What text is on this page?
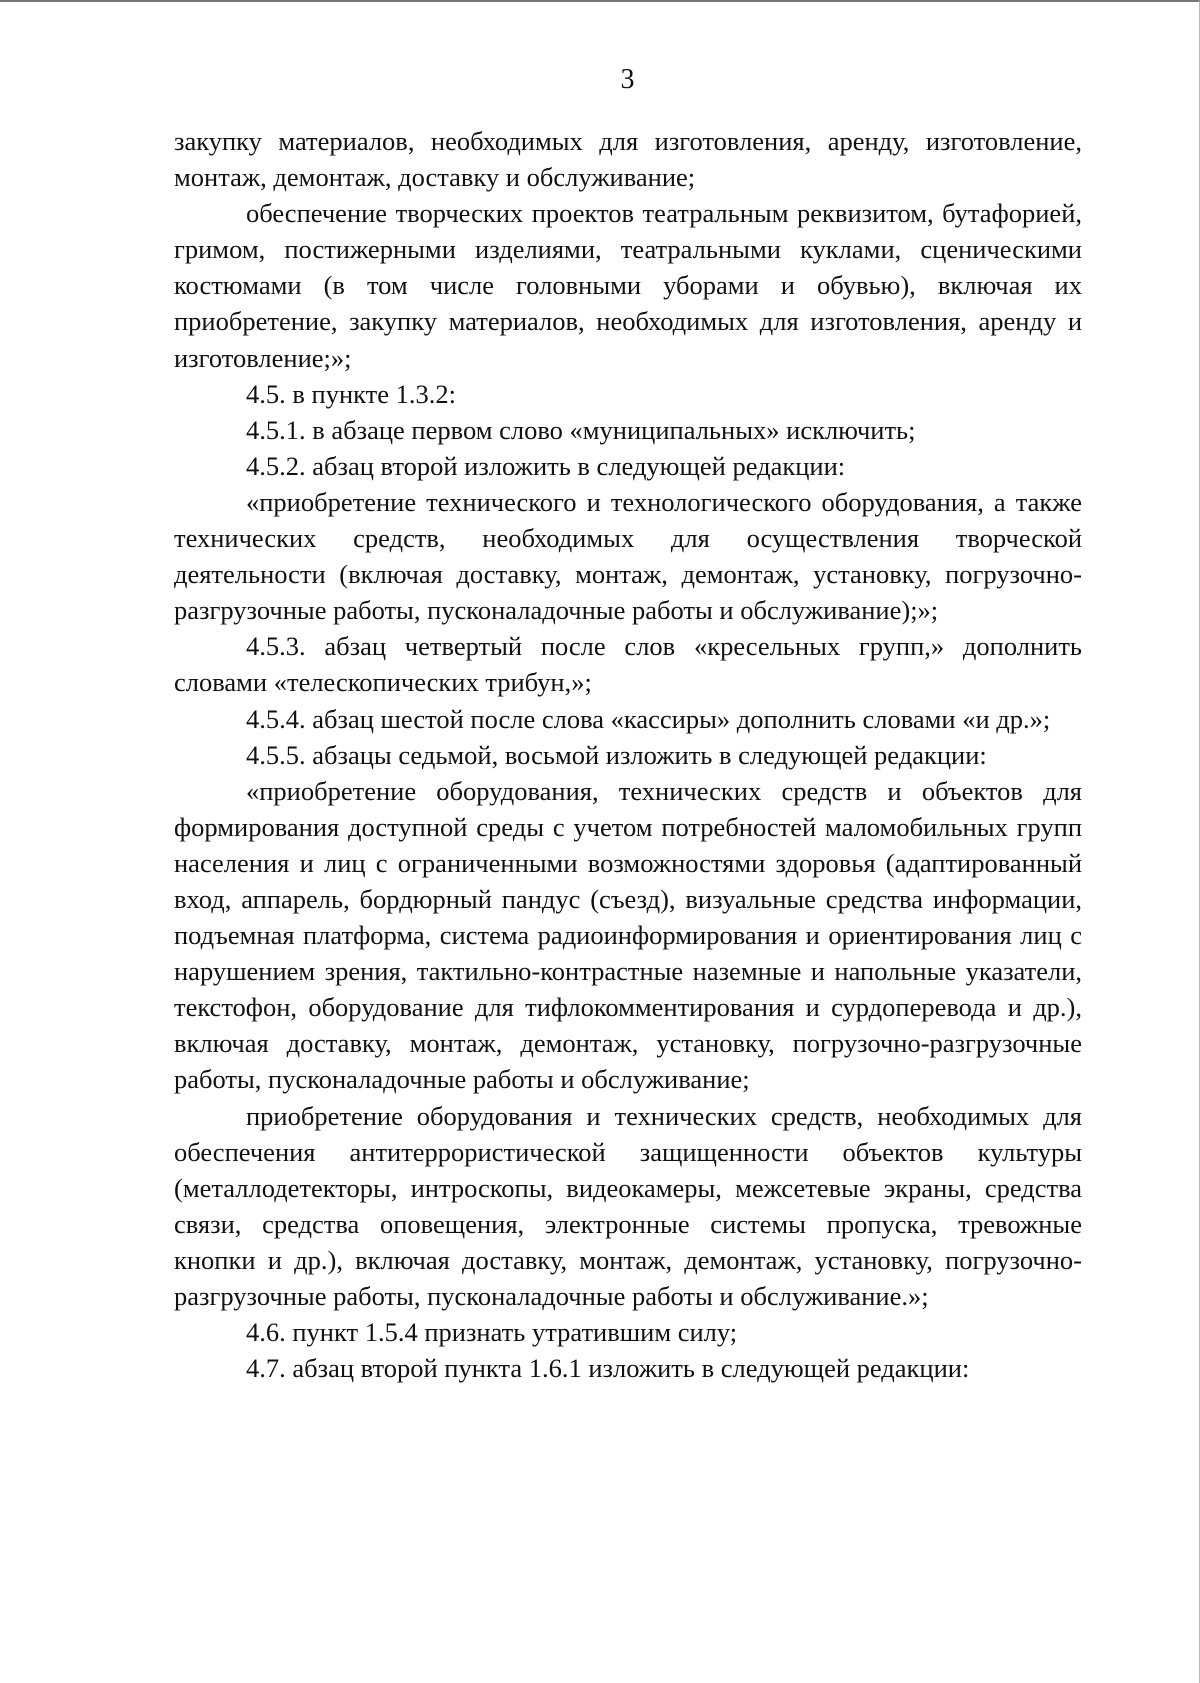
3

закупку материалов, необходимых для изготовления, аренду, изготовление, монтаж, демонтаж, доставку и обслуживание;

обеспечение творческих проектов театральным реквизитом, бутафорией, гримом, постижерными изделиями, театральными куклами, сценическими костюмами (в том числе головными уборами и обувью), включая их приобретение, закупку материалов, необходимых для изготовления, аренду и изготовление;»;

4.5. в пункте 1.3.2:

4.5.1. в абзаце первом слово «муниципальных» исключить;

4.5.2. абзац второй изложить в следующей редакции:

«приобретение технического и технологического оборудования, а также технических средств, необходимых для осуществления творческой деятельности (включая доставку, монтаж, демонтаж, установку, погрузочно-разгрузочные работы, пусконаладочные работы и обслуживание);»;

4.5.3. абзац четвертый после слов «кресельных групп,» дополнить словами «телескопических трибун,»;

4.5.4. абзац шестой после слова «кассиры» дополнить словами «и др.»;

4.5.5. абзацы седьмой, восьмой изложить в следующей редакции:

«приобретение оборудования, технических средств и объектов для формирования доступной среды с учетом потребностей маломобильных групп населения и лиц с ограниченными возможностями здоровья (адаптированный вход, аппарель, бордюрный пандус (съезд), визуальные средства информации, подъемная платформа, система радиоинформирования и ориентирования лиц с нарушением зрения, тактильно-контрастные наземные и напольные указатели, текстофон, оборудование для тифлокомментирования и сурдоперевода и др.), включая доставку, монтаж, демонтаж, установку, погрузочно-разгрузочные работы, пусконаладочные работы и обслуживание;

приобретение оборудования и технических средств, необходимых для обеспечения антитеррористической защищенности объектов культуры (металлодетекторы, интроскопы, видеокамеры, межсетевые экраны, средства связи, средства оповещения, электронные системы пропуска, тревожные кнопки и др.), включая доставку, монтаж, демонтаж, установку, погрузочно-разгрузочные работы, пусконаладочные работы и обслуживание.»;

4.6. пункт 1.5.4 признать утратившим силу;

4.7. абзац второй пункта 1.6.1 изложить в следующей редакции:
